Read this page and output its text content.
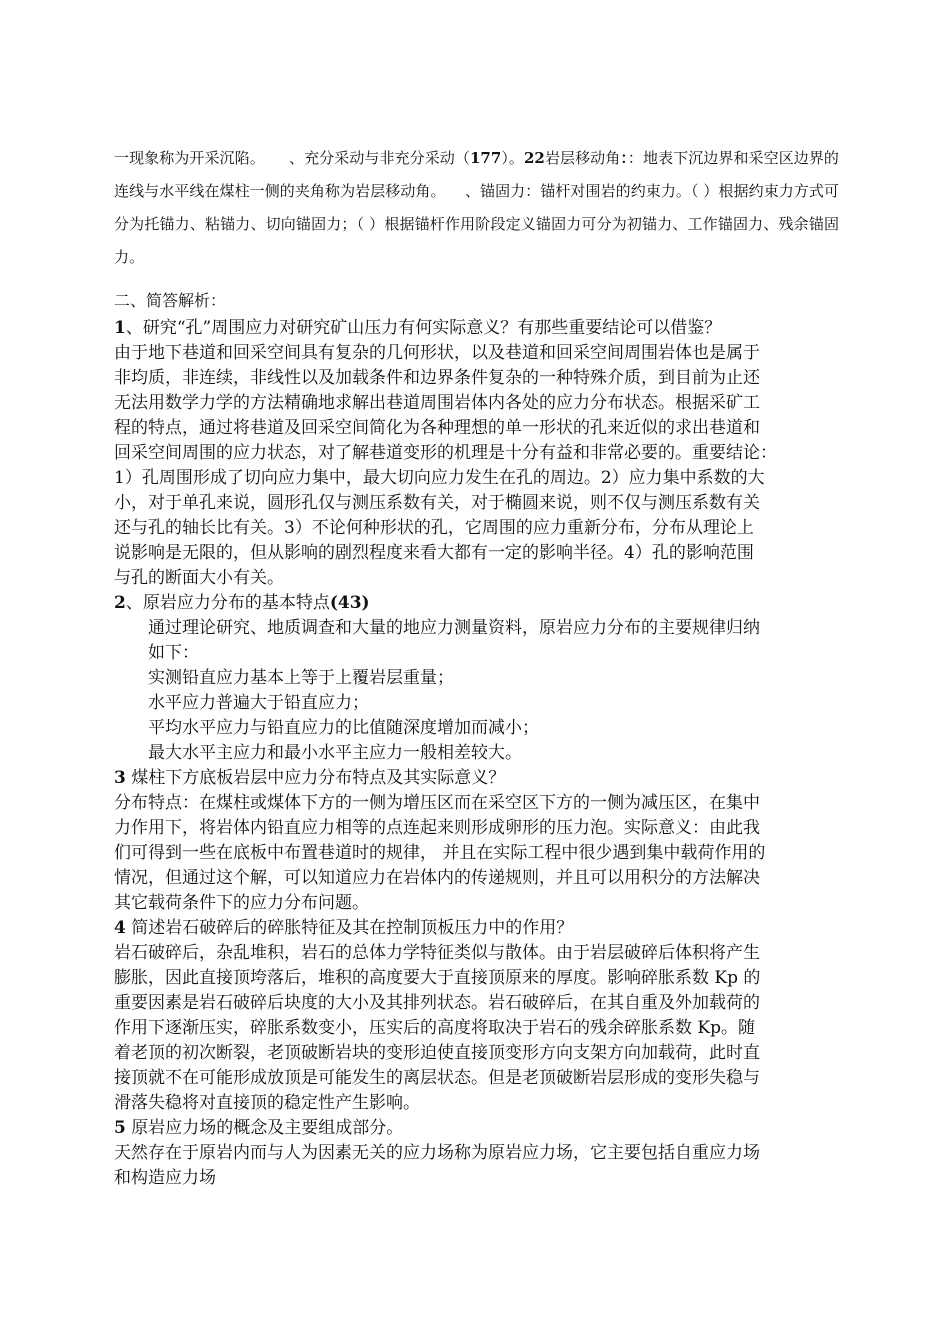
一现象称为开采沉陷。 、充分采动与非充分采动（177）。22岩层移动角：：地表下沉边界和采空区边界的连线与水平线在煤柱一侧的夹角称为岩层移动角。 、锚固力：锚杆对围岩的约束力。（ ）根据约束力方式可分为托锚力、粘锚力、切向锚固力；（ ）根据锚杆作用阶段定义锚固力可分为初锚力、工作锚固力、残余锚固力。
二、简答解析：
1、研究“孔”周围应力对研究矿山压力有何实际意义？有那些重要结论可以借鉴？
由于地下巷道和回采空间具有复杂的几何形状，以及巷道和回采空间周围岩体也是属于
非均质，非连续，非线性以及加载条件和边界条件复杂的一种特殊介质，到目前为止还
无法用数学力学的方法精确地求解出巷道周围岩体内各处的应力分布状态。根据采矿工
程的特点，通过将巷道及回采空间简化为各种理想的单一形状的孔来近似的求出巷道和
回采空间周围的应力状态，对了解巷道变形的机理是十分有益和非常必要的。重要结论：
1）孔周围形成了切向应力集中，最大切向应力发生在孔的周边。2）应力集中系数的大
小，对于单孔来说，圆形孔仅与测压系数有关，对于椭圆来说，则不仅与测压系数有关
还与孔的轴长比有关。3）不论何种形状的孔，它周围的应力重新分布，分布从理论上
说影响是无限的，但从影响的剧烈程度来看大都有一定的影响半径。4）孔的影响范围
与孔的断面大小有关。
2、原岩应力分布的基本特点(43)
通过理论研究、地质调查和大量的地应力测量资料，原岩应力分布的主要规律归纳
如下：
实测铅直应力基本上等于上覆岩层重量；
水平应力普遍大于铅直应力；
平均水平应力与铅直应力的比值随深度增加而减小；
最大水平主应力和最小水平主应力一般相差较大。
3 煤柱下方底板岩层中应力分布特点及其实际意义？
分布特点：在煤柱或煤体下方的一侧为增压区而在采空区下方的一侧为减压区，在集中
力作用下，将岩体内铅直应力相等的点连起来则形成卵形的压力泡。实际意义：由此我
们可得到一些在底板中布置巷道时的规律， 并且在实际工程中很少遇到集中载荷作用的
情况，但通过这个解，可以知道应力在岩体内的传递规则，并且可以用积分的方法解决
其它载荷条件下的应力分布问题。
4 简述岩石破碎后的碎胀特征及其在控制顶板压力中的作用？
岩石破碎后，杂乱堆积，岩石的总体力学特征类似与散体。由于岩层破碎后体积将产生
膨胀，因此直接顶垮落后，堆积的高度要大于直接顶原来的厚度。影响碎胀系数 Kp 的
重要因素是岩石破碎后块度的大小及其排列状态。岩石破碎后，在其自重及外加载荷的
作用下逐渐压实，碎胀系数变小，压实后的高度将取决于岩石的残余碎胀系数 Kp。随
着老顶的初次断裂，老顶破断岩块的变形迫使直接顶变形方向支架方向加载荷，此时直
接顶就不在可能形成放顶是可能发生的离层状态。但是老顶破断岩层形成的变形失稳与
滑落失稳将对直接顶的稳定性产生影响。
5 原岩应力场的概念及主要组成部分。
天然存在于原岩内而与人为因素无关的应力场称为原岩应力场，它主要包括自重应力场
和构造应力场
